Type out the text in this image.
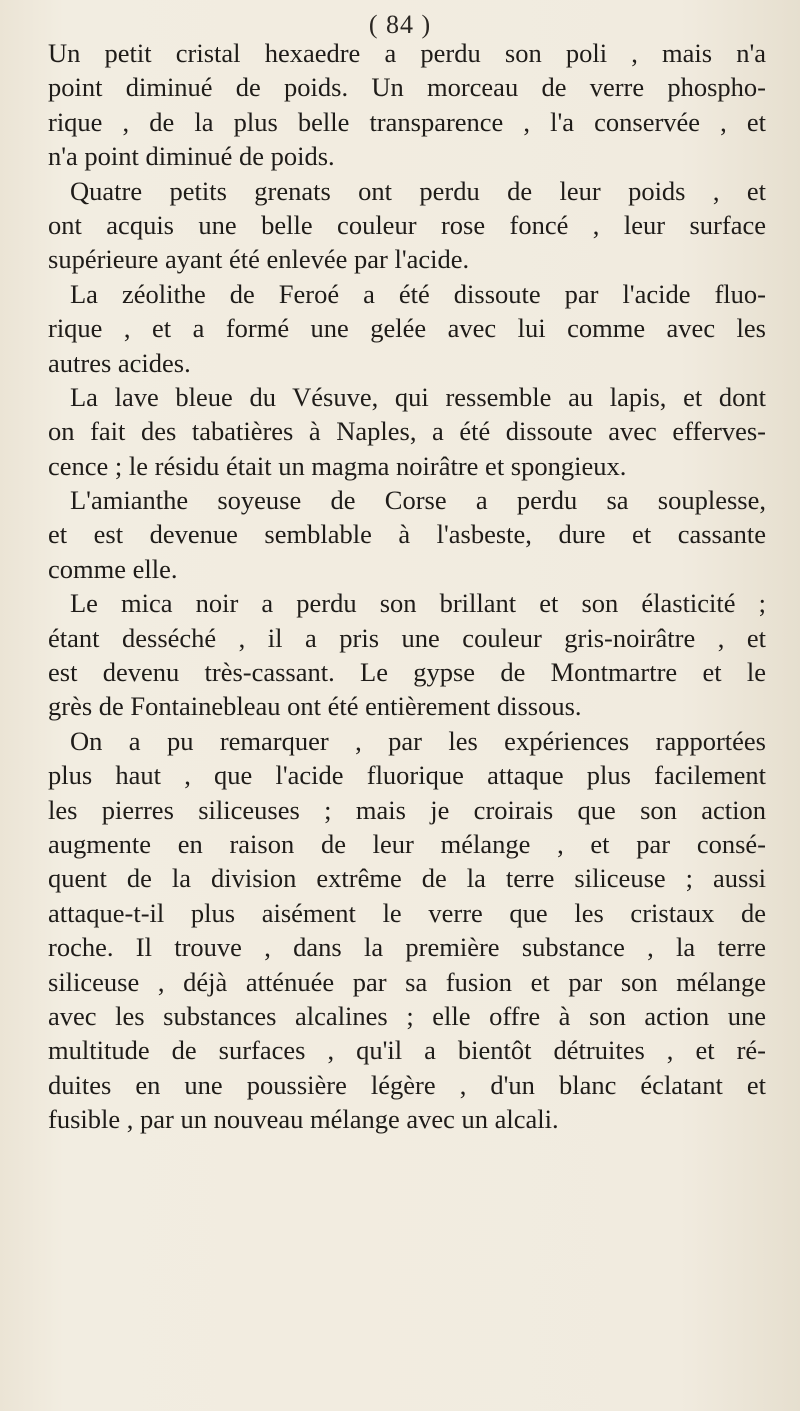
( 84 )
Un petit cristal hexaedre a perdu son poli , mais n'a
point diminué de poids. Un morceau de verre phospho-
rique , de la plus belle transparence , l'a conservée , et
n'a point diminué de poids.
Quatre petits grenats ont perdu de leur poids , et
ont acquis une belle couleur rose foncé , leur surface
supérieure ayant été enlevée par l'acide.
La zéolithe de Feroé a été dissoute par l'acide fluo-
rique , et a formé une gelée avec lui comme avec les
autres acides.
La lave bleue du Vésuve, qui ressemble au lapis, et dont
on fait des tabatières à Naples, a été dissoute avec efferves-
cence ; le résidu était un magma noirâtre et spongieux.
L'amianthe soyeuse de Corse a perdu sa souplesse,
et est devenue semblable à l'asbeste, dure et cassante
comme elle.
Le mica noir a perdu son brillant et son élasticité ;
étant desséché , il a pris une couleur gris-noirâtre , et
est devenu très-cassant. Le gypse de Montmartre et le
grès de Fontainebleau ont été entièrement dissous.
On a pu remarquer , par les expériences rapportées
plus haut , que l'acide fluorique attaque plus facilement
les pierres siliceuses ; mais je croirais que son action
augmente en raison de leur mélange , et par consé-
quent de la division extrême de la terre siliceuse ; aussi
attaque-t-il plus aisément le verre que les cristaux de
roche. Il trouve , dans la première substance , la terre
siliceuse , déjà atténuée par sa fusion et par son mélange
avec les substances alcalines ; elle offre à son action une
multitude de surfaces , qu'il a bientôt détruites , et ré-
duites en une poussière légère , d'un blanc éclatant et
fusible , par un nouveau mélange avec un alcali.
